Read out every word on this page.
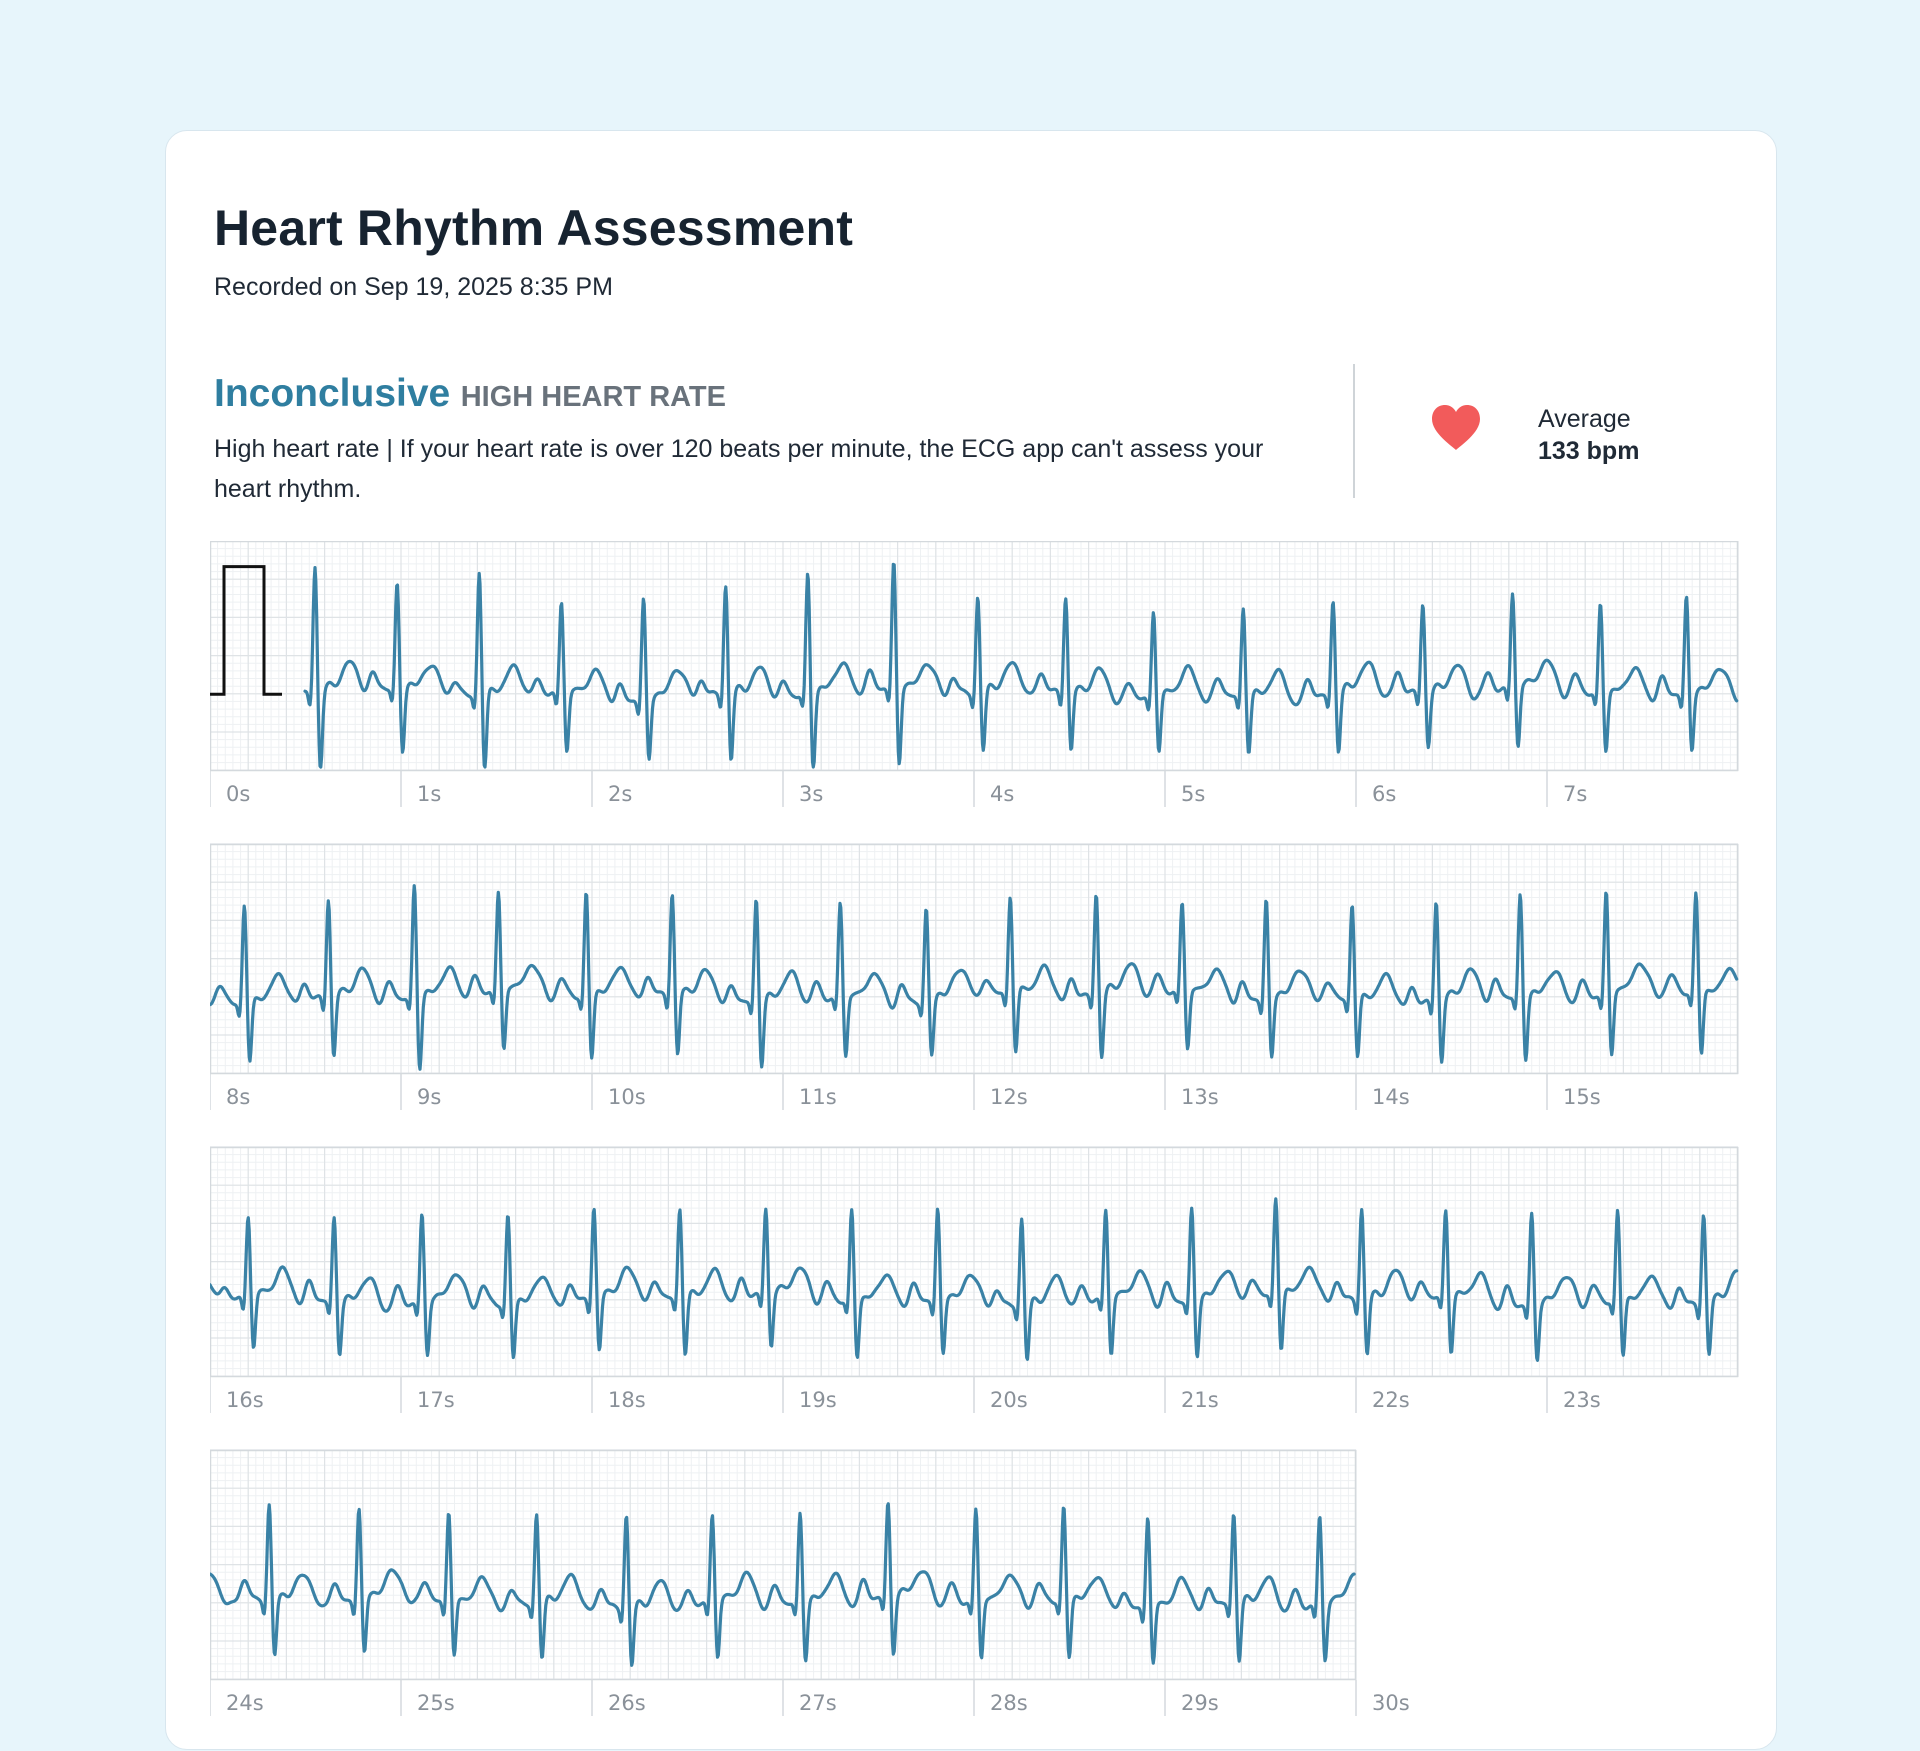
Heart Rhythm Assessment
Recorded on Sep 19, 2025 8:35 PM
Inconclusive HIGH HEART RATE
High heart rate | If your heart rate is over 120 beats per minute, the ECG app can't assess your heart rhythm.
Average
133 bpm
0s	1s	2s	3s	4s	5s	6s	7s
8s	9s	10s	11s	12s	13s	14s	15s
16s	17s	18s	19s	20s	21s	22s	23s
24s	25s	26s	27s	28s	29s	30s
